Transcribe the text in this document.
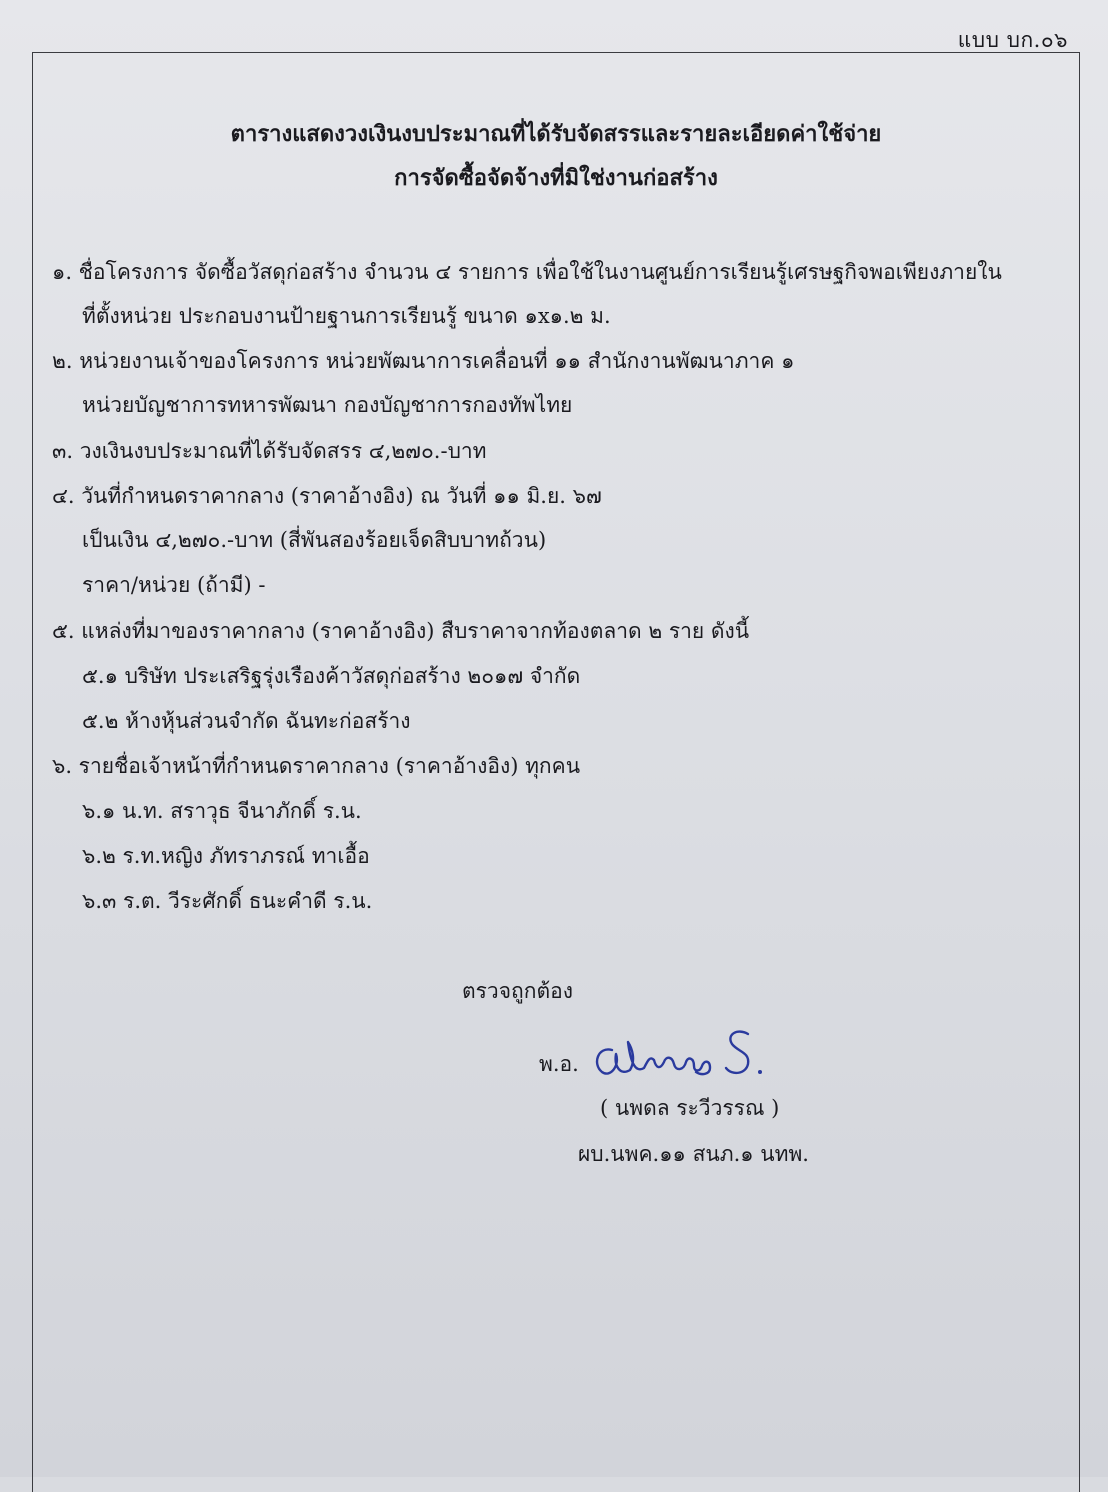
แบบ บก.๐๖
ตารางแสดงวงเงินงบประมาณที่ได้รับจัดสรรและรายละเอียดค่าใช้จ่าย
การจัดซื้อจัดจ้างที่มิใช่งานก่อสร้าง
๑. ชื่อโครงการ จัดซื้อวัสดุก่อสร้าง จำนวน ๔ รายการ เพื่อใช้ในงานศูนย์การเรียนรู้เศรษฐกิจพอเพียงภายใน
ที่ตั้งหน่วย ประกอบงานป้ายฐานการเรียนรู้ ขนาด ๑x๑.๒ ม.
๒. หน่วยงานเจ้าของโครงการ หน่วยพัฒนาการเคลื่อนที่ ๑๑ สำนักงานพัฒนาภาค ๑
หน่วยบัญชาการทหารพัฒนา กองบัญชาการกองทัพไทย
๓. วงเงินงบประมาณที่ได้รับจัดสรร ๔,๒๗๐.-บาท
๔. วันที่กำหนดราคากลาง (ราคาอ้างอิง) ณ วันที่ ๑๑ มิ.ย. ๖๗
เป็นเงิน ๔,๒๗๐.-บาท (สี่พันสองร้อยเจ็ดสิบบาทถ้วน)
ราคา/หน่วย (ถ้ามี) -
๕. แหล่งที่มาของราคากลาง (ราคาอ้างอิง) สืบราคาจากท้องตลาด ๒ ราย ดังนี้
๕.๑ บริษัท ประเสริฐรุ่งเรืองค้าวัสดุก่อสร้าง ๒๐๑๗ จำกัด
๕.๒ ห้างหุ้นส่วนจำกัด ฉันทะก่อสร้าง
๖. รายชื่อเจ้าหน้าที่กำหนดราคากลาง (ราคาอ้างอิง) ทุกคน
๖.๑ น.ท. สราวุธ จีนาภักดิ์ ร.น.
๖.๒ ร.ท.หญิง ภัทราภรณ์ ทาเอื้อ
๖.๓ ร.ต. วีระศักดิ์ ธนะคำดี ร.น.
ตรวจถูกต้อง
พ.อ.
( นพดล ระวีวรรณ )
ผบ.นพค.๑๑ สนภ.๑ นทพ.
